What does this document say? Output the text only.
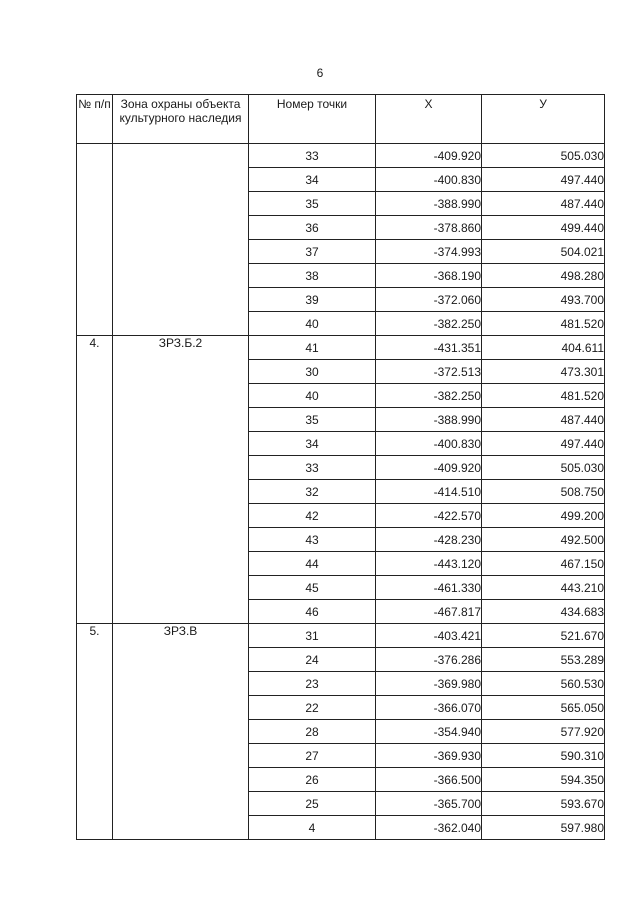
6
№ п/п	Зона охраны объекта культурного наследия	Номер точки	X	У
		33	-409.920	505.030
		34	-400.830	497.440
		35	-388.990	487.440
		36	-378.860	499.440
		37	-374.993	504.021
		38	-368.190	498.280
		39	-372.060	493.700
		40	-382.250	481.520
4.	ЗРЗ.Б.2	41	-431.351	404.611
		30	-372.513	473.301
		40	-382.250	481.520
		35	-388.990	487.440
		34	-400.830	497.440
		33	-409.920	505.030
		32	-414.510	508.750
		42	-422.570	499.200
		43	-428.230	492.500
		44	-443.120	467.150
		45	-461.330	443.210
		46	-467.817	434.683
5.	ЗРЗ.В	31	-403.421	521.670
		24	-376.286	553.289
		23	-369.980	560.530
		22	-366.070	565.050
		28	-354.940	577.920
		27	-369.930	590.310
		26	-366.500	594.350
		25	-365.700	593.670
		4	-362.040	597.980
